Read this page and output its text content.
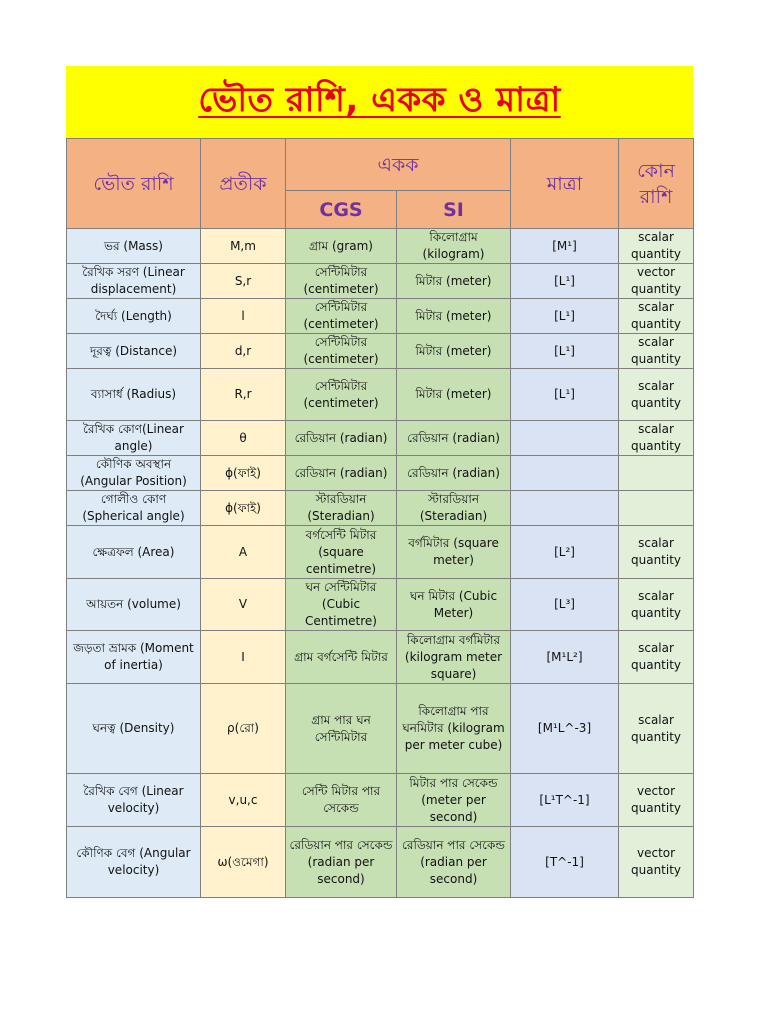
ভৌত রাশি, একক ও মাত্রা
ভৌত রাশি	প্রতীক	একক		মাত্রা	কোন রাশি

		CGS	SI		
ভর (Mass)	M,m	গ্রাম (gram)	কিলোগ্রাম (kilogram)	[M¹]	scalar quantity
রৈখিক সরণ (Linear displacement)	S,r	সেন্টিমিটার (centimeter)	মিটার (meter)	[L¹]	vector quantity
দৈর্ঘ্য (Length)	l	সেন্টিমিটার (centimeter)	মিটার (meter)	[L¹]	scalar quantity
দূরত্ব (Distance)	d,r	সেন্টিমিটার (centimeter)	মিটার (meter)	[L¹]	scalar quantity
ব্যাসার্ধ (Radius)	R,r	সেন্টিমিটার (centimeter)	মিটার (meter)	[L¹]	scalar quantity
রৈখিক কোণ(Linear angle)	θ	রেডিয়ান (radian)	রেডিয়ান (radian)		scalar quantity
কৌণিক অবস্থান (Angular Position)	ϕ(ফাই)	রেডিয়ান (radian)	রেডিয়ান (radian)		
গোলীও কোণ (Spherical angle)	ϕ(ফাই)	স্টারডিয়ান (Steradian)	স্টারডিয়ান (Steradian)		
ক্ষেত্রফল (Area)	A	বর্গসেন্টি মিটার (square centimetre)	বর্গমিটার (square meter)	[L²]	scalar quantity
আয়তন (volume)	V	ঘন সেন্টিমিটার (Cubic Centimetre)	ঘন মিটার (Cubic Meter)	[L³]	scalar quantity
জড়তা ভ্রামক (Moment of inertia)	I	গ্রাম বর্গসেন্টি মিটার	কিলোগ্রাম বর্গমিটার (kilogram meter square)	[M¹L²]	scalar quantity
ঘনত্ব (Density)	ρ(রো)	গ্রাম পার ঘন সেন্টিমিটার	কিলোগ্রাম পার ঘনমিটার (kilogram per meter cube)	[M¹L^-3]	scalar quantity
রৈখিক বেগ (Linear velocity)	v,u,c	সেন্টি মিটার পার সেকেন্ড	মিটার পার সেকেন্ড (meter per second)	[L¹T^-1]	vector quantity
কৌণিক বেগ (Angular velocity)	ω(ওমেগা)	রেডিয়ান পার সেকেন্ড (radian per second)	রেডিয়ান পার সেকেন্ড (radian per second)	[T^-1]	vector quantity
